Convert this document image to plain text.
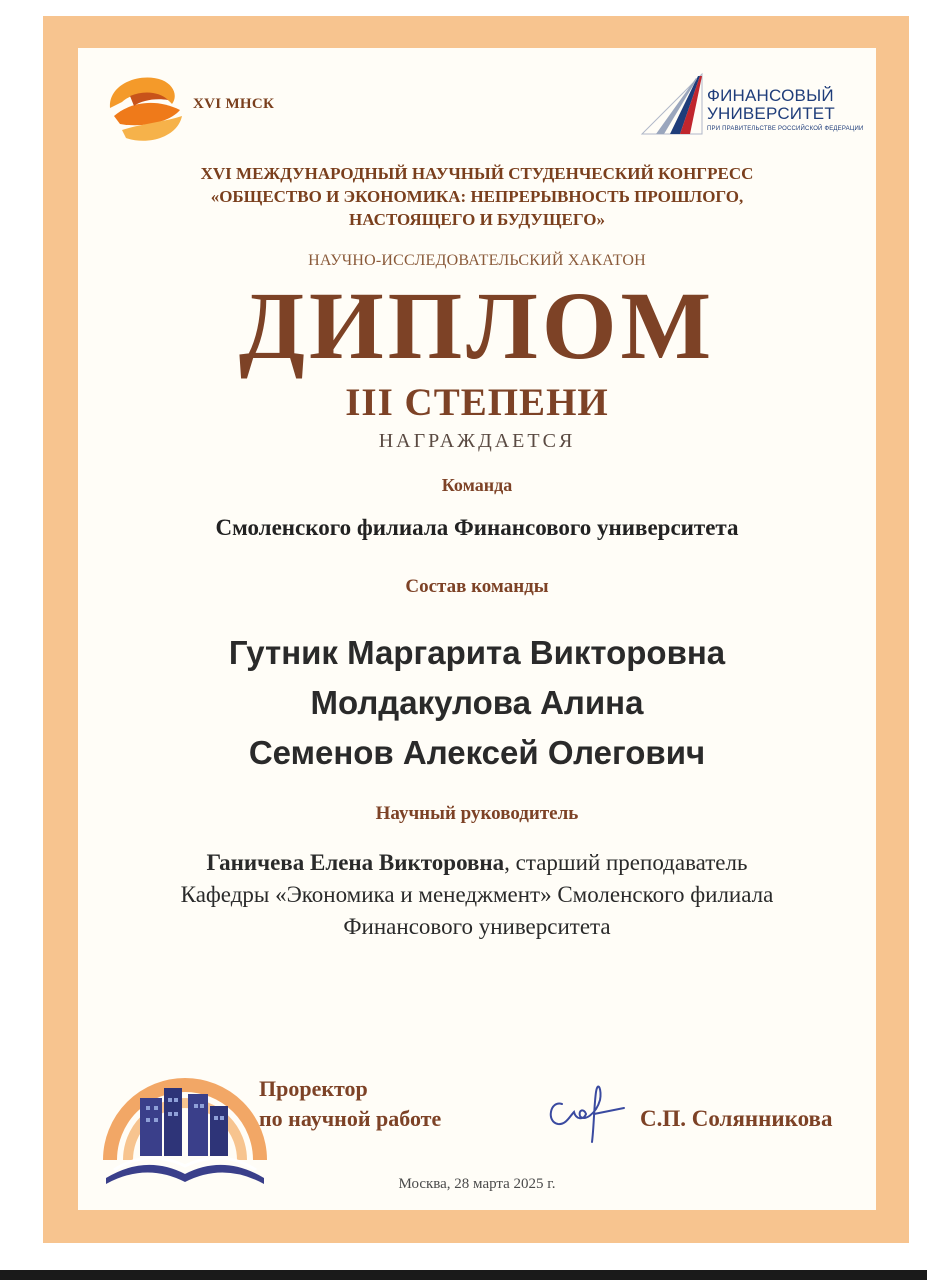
XVI МНСК	ФИНАНСОВЫЙ
УНИВЕРСИТЕТ
ПРИ ПРАВИТЕЛЬСТВЕ РОССИЙСКОЙ ФЕДЕРАЦИИ
XVI МЕЖДУНАРОДНЫЙ НАУЧНЫЙ СТУДЕНЧЕСКИЙ КОНГРЕСС
«ОБЩЕСТВО И ЭКОНОМИКА: НЕПРЕРЫВНОСТЬ ПРОШЛОГО,
НАСТОЯЩЕГО И БУДУЩЕГО»
НАУЧНО-ИССЛЕДОВАТЕЛЬСКИЙ ХАКАТОН
ДИПЛОМ
III СТЕПЕНИ
НАГРАЖДАЕТСЯ
Команда
Смоленского филиала Финансового университета
Состав команды
Гутник Маргарита Викторовна
Молдакулова Алина
Семенов Алексей Олегович
Научный руководитель
Ганичева Елена Викторовна, старший преподаватель
Кафедры «Экономика и менеджмент» Смоленского филиала
Финансового университета
Проректор
по научной работе	С.П. Солянникова
Москва, 28 марта 2025 г.
